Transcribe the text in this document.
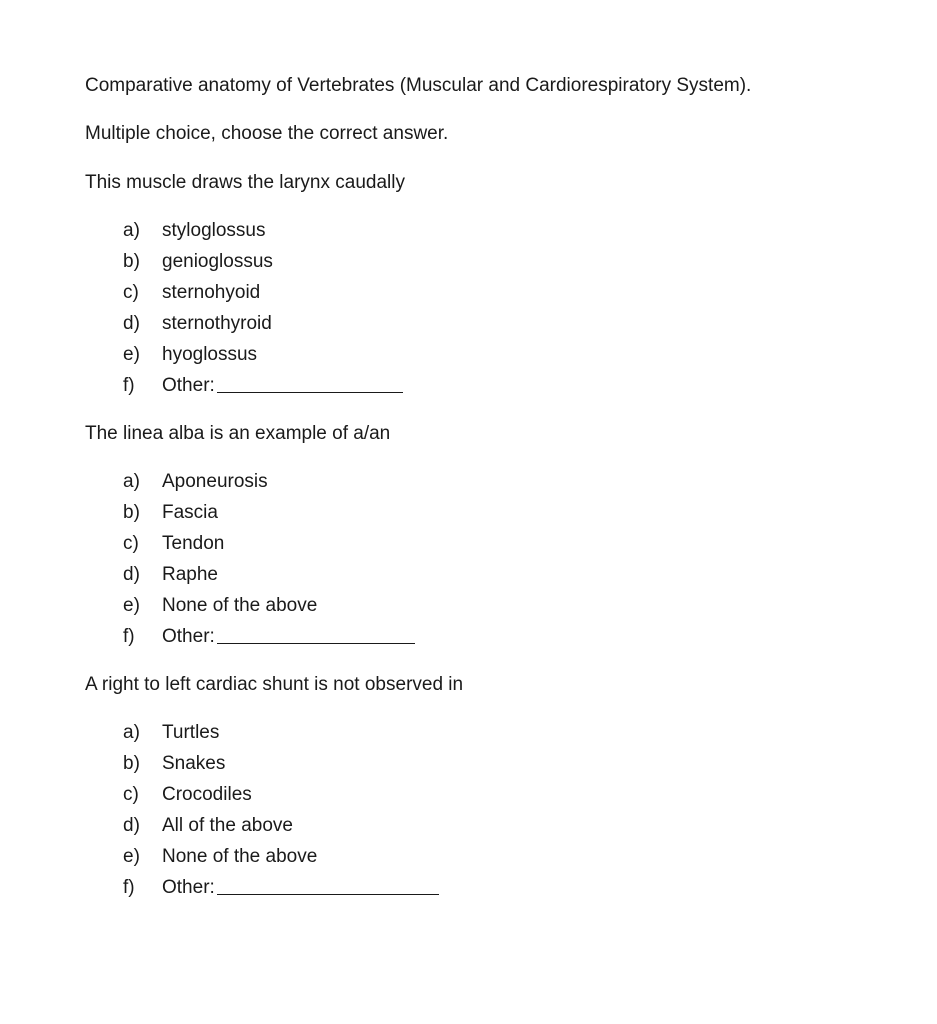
Comparative anatomy of Vertebrates (Muscular and Cardiorespiratory System).
Multiple choice, choose the correct answer.
This muscle draws the larynx caudally
a)	styloglossus
b)	genioglossus
c)	sternohyoid
d)	sternothyroid
e)	hyoglossus
f)	Other:
The linea alba is an example of a/an
a)	Aponeurosis
b)	Fascia
c)	Tendon
d)	Raphe
e)	None of the above
f)	Other:
A right to left cardiac shunt is not observed in
a)	Turtles
b)	Snakes
c)	Crocodiles
d)	All of the above
e)	None of the above
f)	Other:
